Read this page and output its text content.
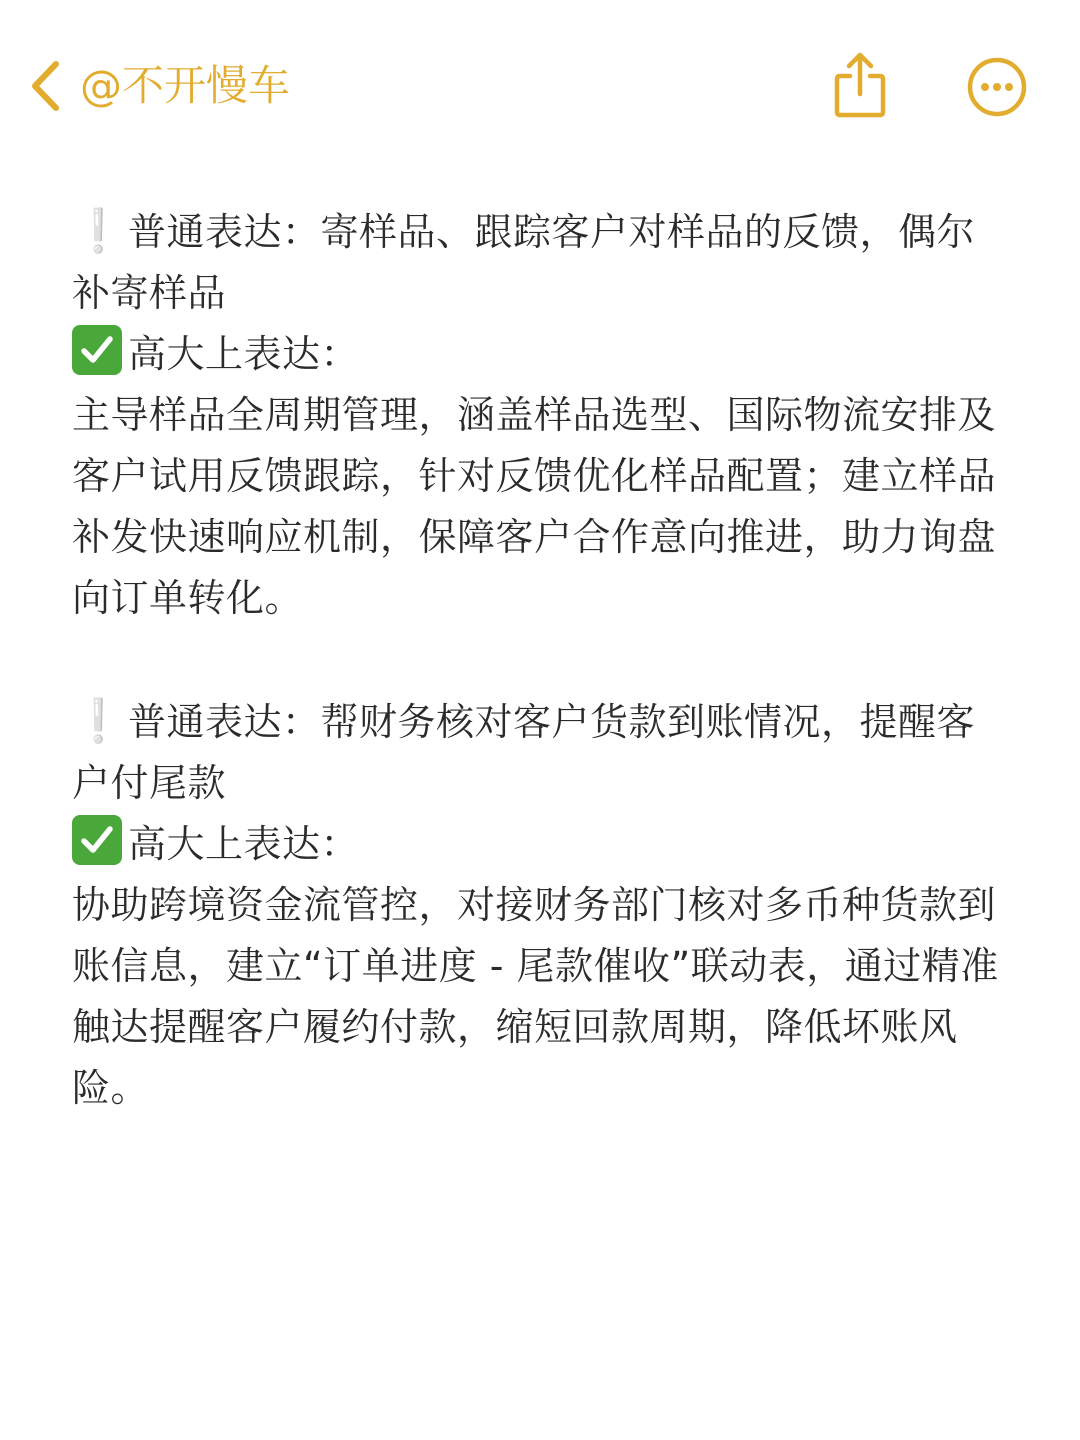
@不开慢车
❕普通表达：寄样品、跟踪客户对样品的反馈，偶尔补寄样品
高大上表达：
主导样品全周期管理，涵盖样品选型、国际物流安排及客户试用反馈跟踪，针对反馈优化样品配置；建立样品补发快速响应机制，保障客户合作意向推进，助力询盘向订单转化。
❕普通表达：帮财务核对客户货款到账情况，提醒客户付尾款
高大上表达：
协助跨境资金流管控，对接财务部门核对多币种货款到账信息，建立“订单进度 - 尾款催收”联动表，通过精准触达提醒客户履约付款，缩短回款周期，降低坏账风险。
